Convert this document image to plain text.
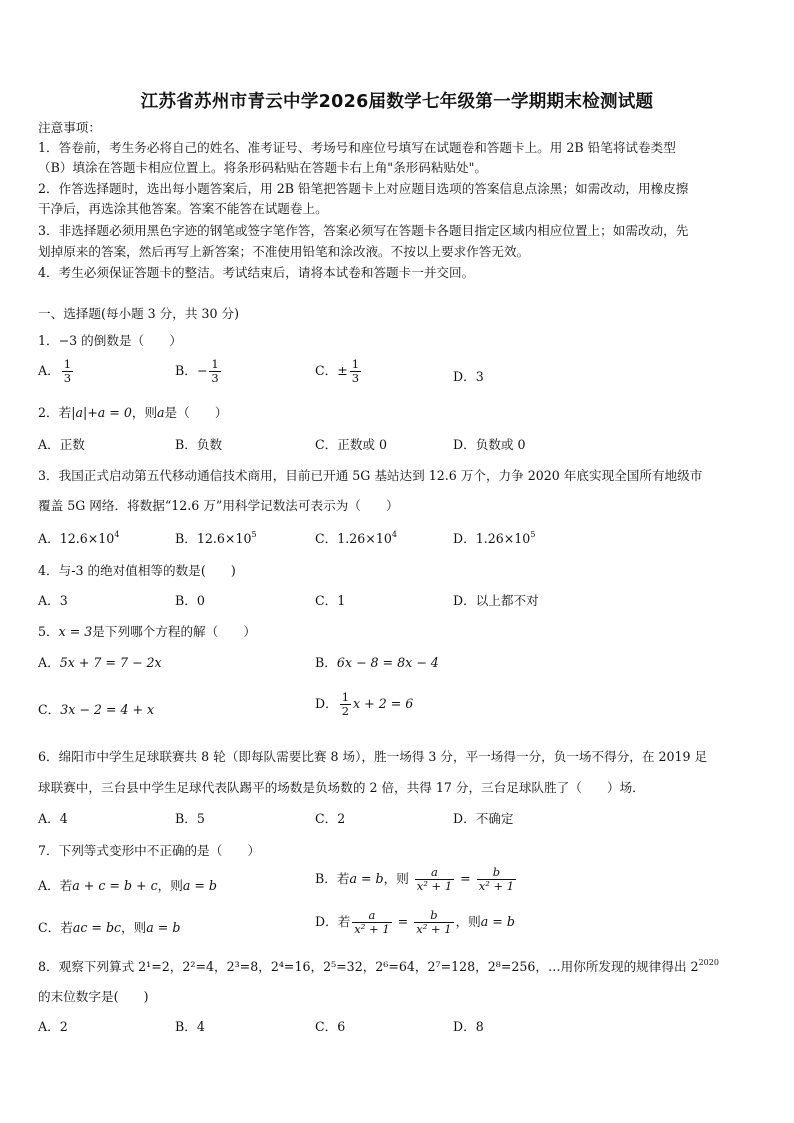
江苏省苏州市青云中学2026届数学七年级第一学期期末检测试题
注意事项：
1．答卷前，考生务必将自己的姓名、准考证号、考场号和座位号填写在试题卷和答题卡上。用 2B 铅笔将试卷类型
（B）填涂在答题卡相应位置上。将条形码粘贴在答题卡右上角"条形码粘贴处"。
2．作答选择题时，选出每小题答案后，用 2B 铅笔把答题卡上对应题目选项的答案信息点涂黑；如需改动，用橡皮擦
干净后，再选涂其他答案。答案不能答在试题卷上。
3．非选择题必须用黑色字迹的钢笔或签字笔作答，答案必须写在答题卡各题目指定区域内相应位置上；如需改动，先
划掉原来的答案，然后再写上新答案；不准使用铅笔和涂改液。不按以上要求作答无效。
4．考生必须保证答题卡的整洁。考试结束后，请将本试卷和答题卡一并交回。
一、选择题(每小题 3 分，共 30 分)
1．−3 的倒数是（　　）
A． $\frac{1}{3}$	B．− $\frac{1}{3}$	C．± $\frac{1}{3}$	D．3
2．若|a|+a = 0，则a是（　　）
A．正数	B．负数	C．正数或 0	D．负数或 0
3．我国正式启动第五代移动通信技术商用，目前已开通 5G 基站达到 12.6 万个，力争 2020 年底实现全国所有地级市
覆盖 5G 网络．将数据“12.6 万”用科学记数法可表示为（　　）
A．$12.6\times 10^4$	B．$12.6\times 10^5$	C．$1.26\times 10^4$	D．$1.26\times 10^5$
4．与-3 的绝对值相等的数是(　　)
A．3	B．0	C．1	D．以上都不对
5．x = 3是下列哪个方程的解（　　）
A．5x + 7 = 7 − 2x	B．6x − 8 = 8x − 4
C．3x − 2 = 4 + x	D． $\frac{1}{2}$ x + 2 = 6
6．绵阳市中学生足球联赛共 8 轮（即每队需要比赛 8 场），胜一场得 3 分，平一场得一分，负一场不得分，在 2019 足
球联赛中，三台县中学生足球代表队踢平的场数是负场数的 2 倍，共得 17 分，三台足球队胜了（　　）场．
A．4	B．5	C．2	D．不确定
7．下列等式变形中不正确的是（　　）
A．若a + c = b + c，则a = b	B．若a = b，则 $\frac{a}{\text{x² + 1}} = \frac{b}{\text{x² + 1}}$
C．若ac = bc，则a = b	D．若 $\frac{a}{\text{x² + 1}} = \frac{b}{\text{x² + 1}}$ ，则a = b
8．观察下列算式 2¹=2，2²=4，2³=8，2⁴=16，2⁵=32，2⁶=64，2⁷=128，2⁸=256，…用你所发现的规律得出 $2^{2020}$
的末位数字是(　　)
A．2	B．4	C．6	D．8
